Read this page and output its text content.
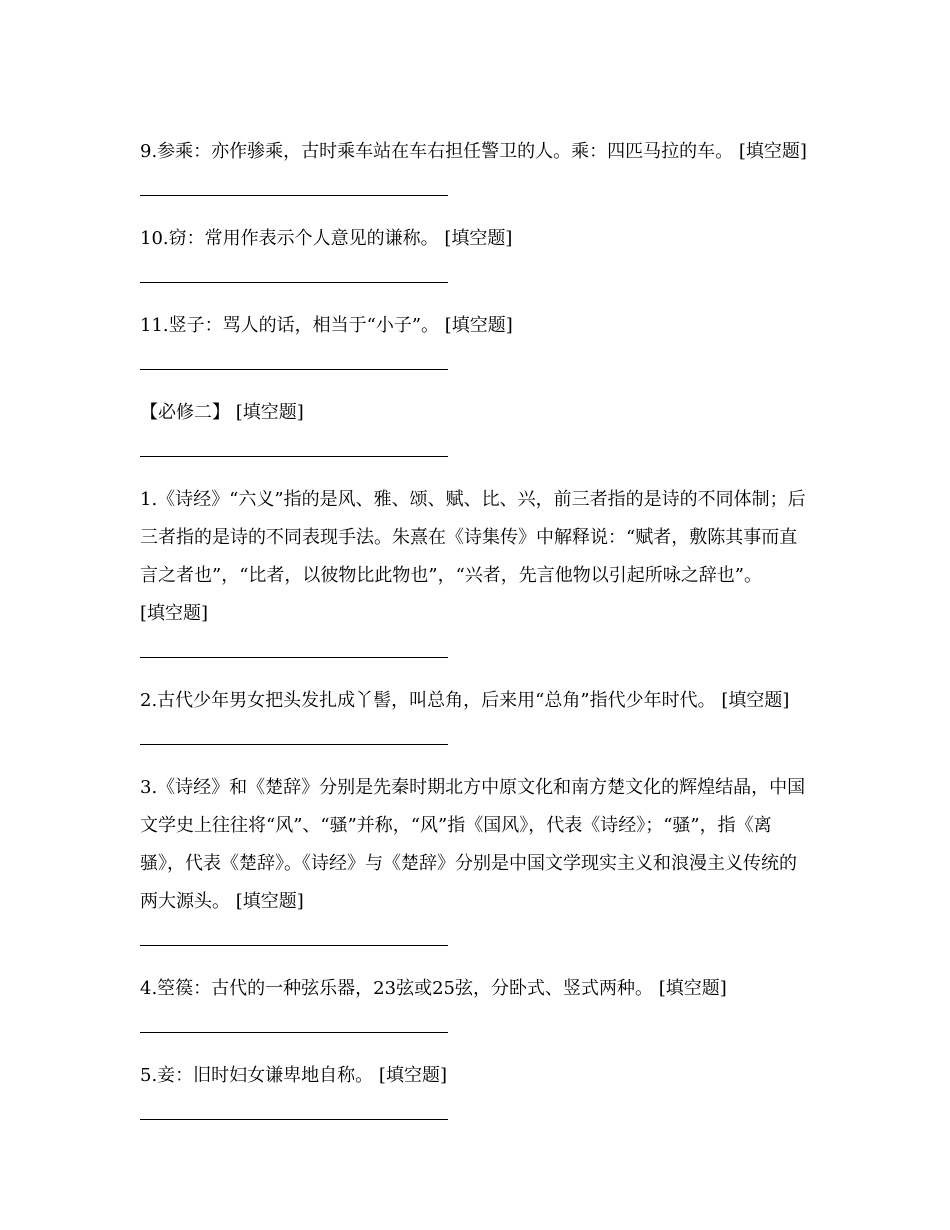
9.参乘：亦作骖乘，古时乘车站在车右担任警卫的人。乘：四匹马拉的车。 [填空题]

10.窃：常用作表示个人意见的谦称。 [填空题]

11.竖子：骂人的话，相当于“小子”。 [填空题]

【必修二】 [填空题]

1.《诗经》“六义”指的是风、雅、颂、赋、比、兴，前三者指的是诗的不同体制；后三者指的是诗的不同表现手法。朱熹在《诗集传》中解释说：“赋者，敷陈其事而直言之者也”，“比者，以彼物比此物也”，“兴者，先言他物以引起所咏之辞也”。 [填空题]

2.古代少年男女把头发扎成丫髻，叫总角，后来用“总角”指代少年时代。 [填空题]

3.《诗经》和《楚辞》分别是先秦时期北方中原文化和南方楚文化的辉煌结晶，中国文学史上往往将“风”、“骚”并称，“风”指《国风》，代表《诗经》；“骚”，指《离骚》，代表《楚辞》。《诗经》与《楚辞》分别是中国文学现实主义和浪漫主义传统的两大源头。 [填空题]

4.箜篌：古代的一种弦乐器，23弦或25弦，分卧式、竖式两种。 [填空题]

5.妾：旧时妇女谦卑地自称。 [填空题]
